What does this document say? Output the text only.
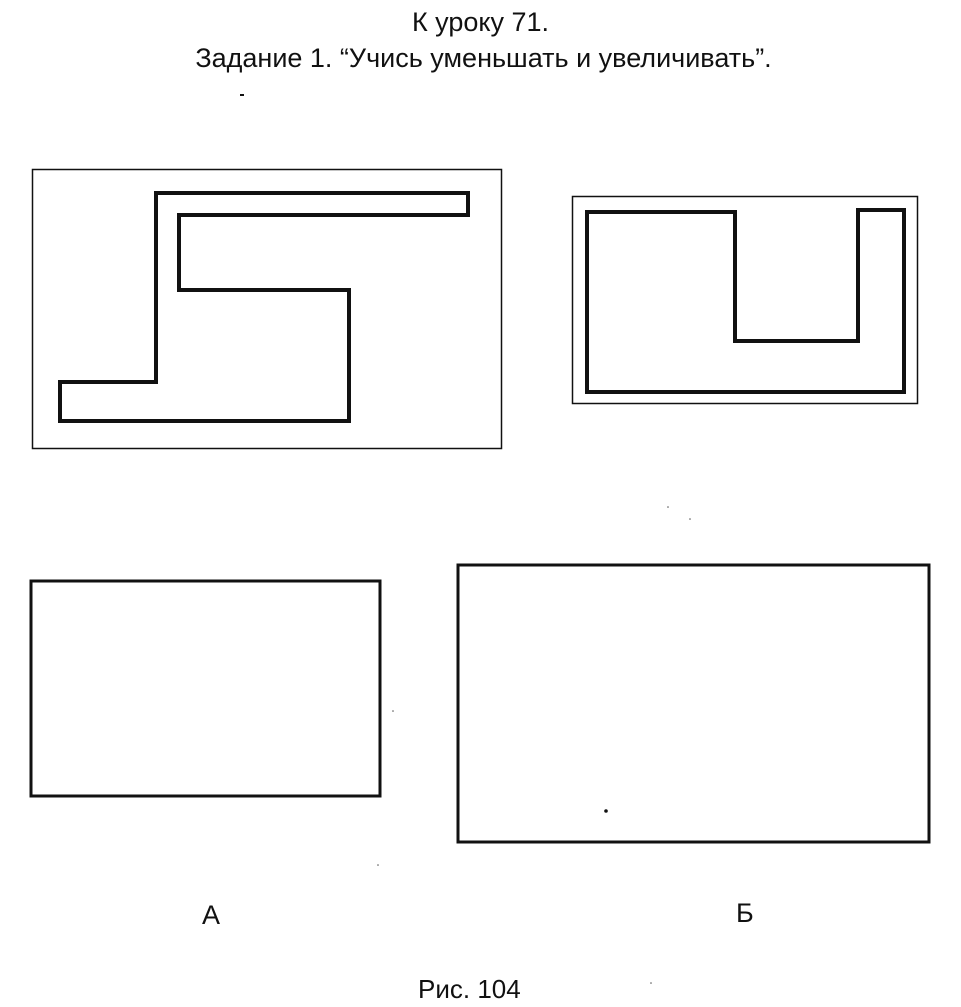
К уроку 71.
Задание 1. “Учись уменьшать и увеличивать”.
А	Б
Рис. 104
